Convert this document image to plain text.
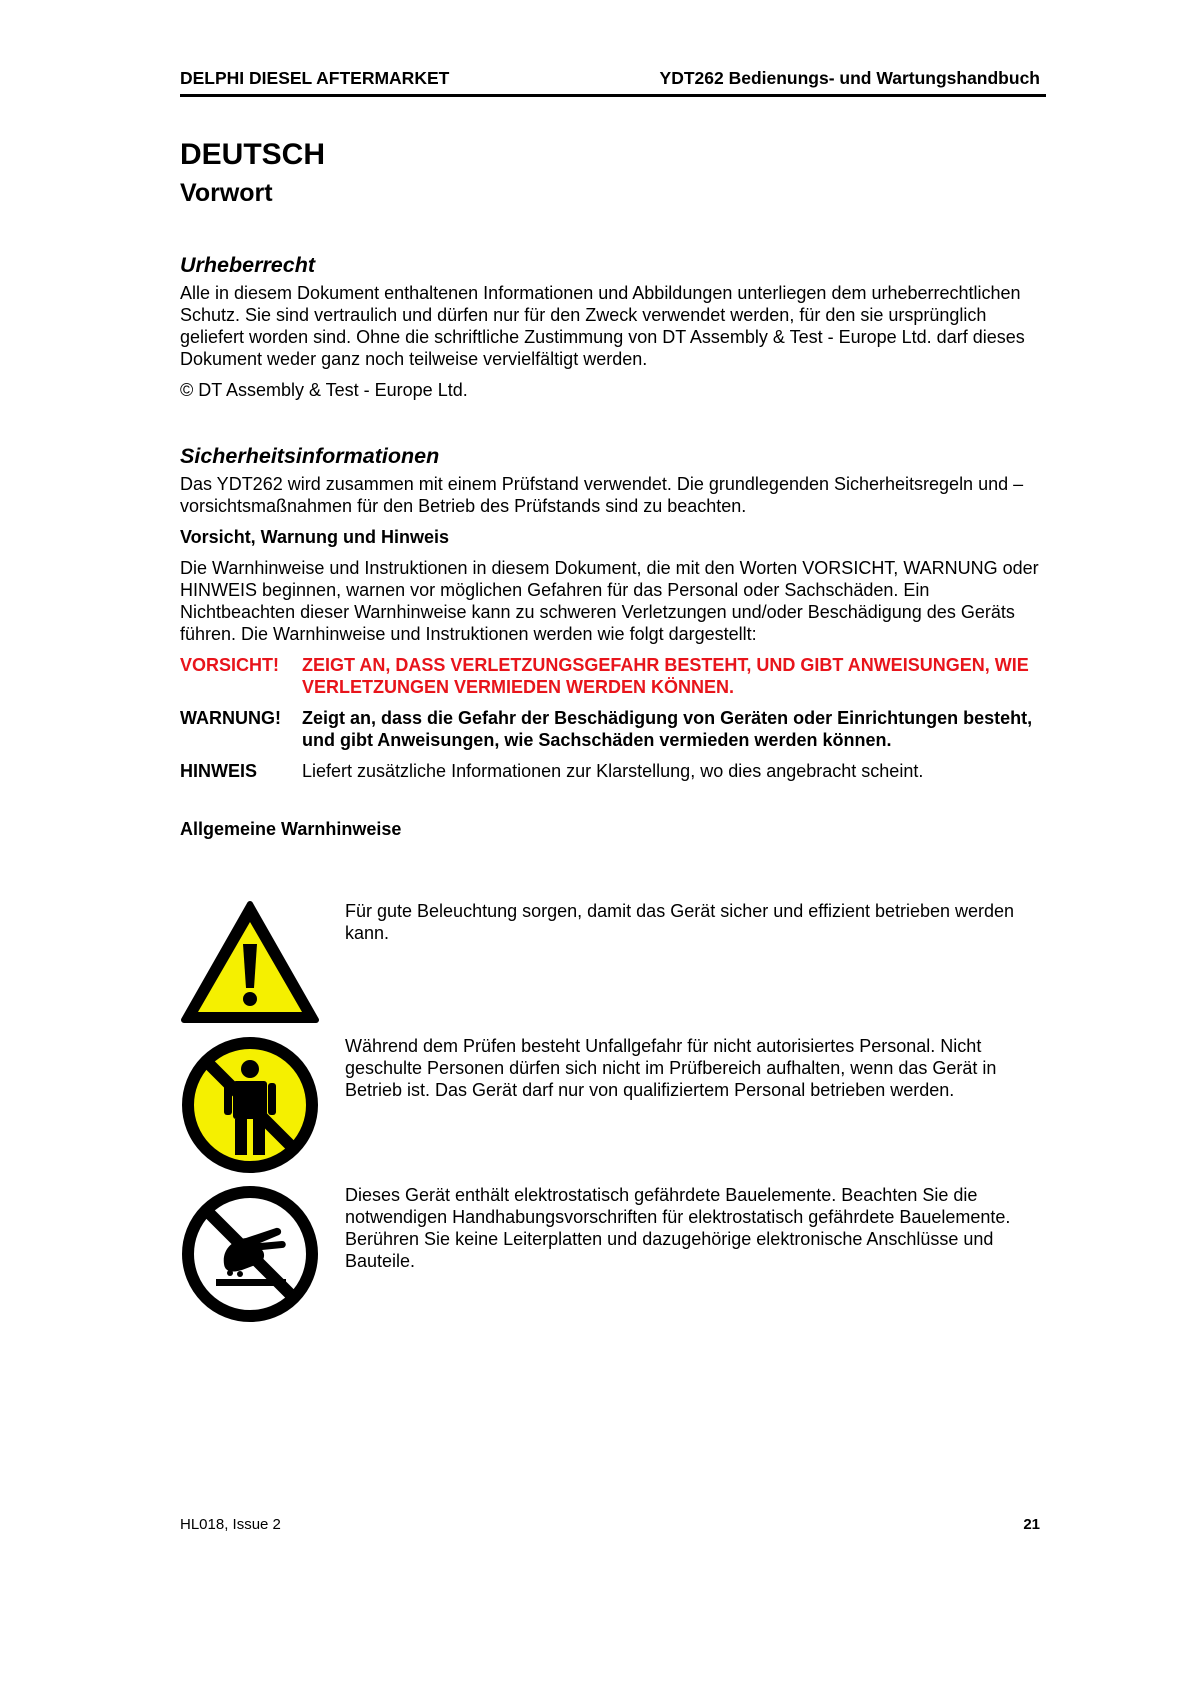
DELPHI DIESEL AFTERMARKET	YDT262 Bedienungs- und Wartungshandbuch
DEUTSCH
Vorwort
Urheberrecht

Alle in diesem Dokument enthaltenen Informationen und Abbildungen unterliegen dem urheberrechtlichen Schutz. Sie sind vertraulich und dürfen nur für den Zweck verwendet werden, für den sie ursprünglich geliefert worden sind. Ohne die schriftliche Zustimmung von DT Assembly & Test - Europe Ltd. darf dieses Dokument weder ganz noch teilweise vervielfältigt werden.

© DT Assembly & Test - Europe Ltd.

Sicherheitsinformationen

Das YDT262 wird zusammen mit einem Prüfstand verwendet. Die grundlegenden Sicherheitsregeln und –vorsichtsmaßnahmen für den Betrieb des Prüfstands sind zu beachten.

Vorsicht, Warnung und Hinweis

Die Warnhinweise und Instruktionen in diesem Dokument, die mit den Worten VORSICHT, WARNUNG oder HINWEIS beginnen, warnen vor möglichen Gefahren für das Personal oder Sachschäden. Ein Nichtbeachten dieser Warnhinweise kann zu schweren Verletzungen und/oder Beschädigung des Geräts führen. Die Warnhinweise und Instruktionen werden wie folgt dargestellt:

VORSICHT!	ZEIGT AN, DASS VERLETZUNGSGEFAHR BESTEHT, UND GIBT ANWEISUNGEN, WIE VERLETZUNGEN VERMIEDEN WERDEN KÖNNEN.
WARNUNG!	Zeigt an, dass die Gefahr der Beschädigung von Geräten oder Einrichtungen besteht, und gibt Anweisungen, wie Sachschäden vermieden werden können.
HINWEIS	Liefert zusätzliche Informationen zur Klarstellung, wo dies angebracht scheint.
Allgemeine Warnhinweise
Für gute Beleuchtung sorgen, damit das Gerät sicher und effizient betrieben werden kann.
Während dem Prüfen besteht Unfallgefahr für nicht autorisiertes Personal. Nicht geschulte Personen dürfen sich nicht im Prüfbereich aufhalten, wenn das Gerät in Betrieb ist. Das Gerät darf nur von qualifiziertem Personal betrieben werden.
Dieses Gerät enthält elektrostatisch gefährdete Bauelemente. Beachten Sie die notwendigen Handhabungsvorschriften für elektrostatisch gefährdete Bauelemente. Berühren Sie keine Leiterplatten und dazugehörige elektronische Anschlüsse und Bauteile.
HL018, Issue 2	21
